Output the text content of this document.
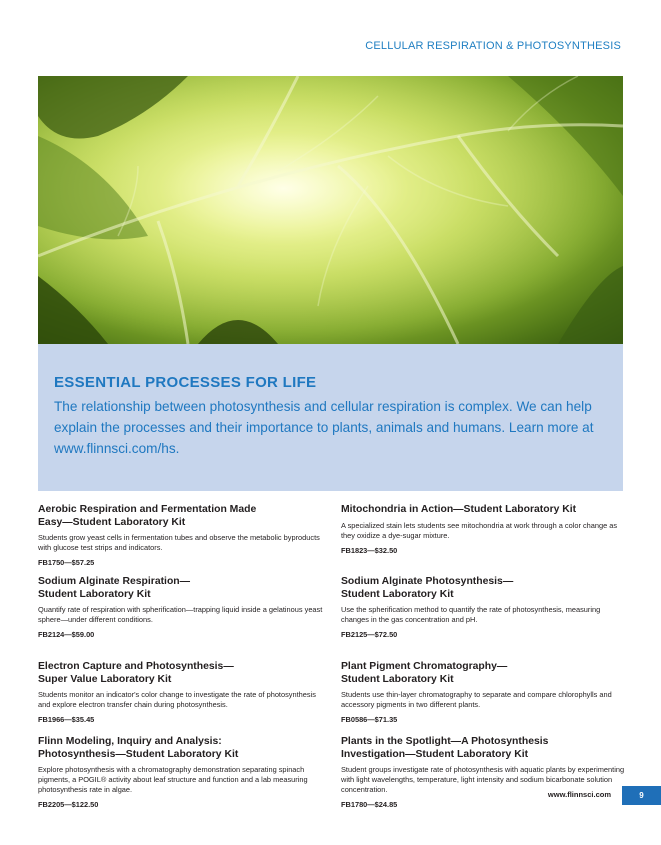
CELLULAR RESPIRATION & PHOTOSYNTHESIS
ESSENTIAL PROCESSES FOR LIFE
The relationship between photosynthesis and cellular respiration is complex. We can help explain the processes and their importance to plants, animals and humans. Learn more at www.flinnsci.com/hs.

Aerobic Respiration and Fermentation Made Easy—Student Laboratory Kit

Students grow yeast cells in fermentation tubes and observe the metabolic byproducts with glucose test strips and indicators.

FB1750—$57.25

Mitochondria in Action—Student Laboratory Kit

A specialized stain lets students see mitochondria at work through a color change as they oxidize a dye-sugar mixture.

FB1823—$32.50

Sodium Alginate Respiration— Student Laboratory Kit

Quantify rate of respiration with spherification—trapping liquid inside a gelatinous yeast sphere—under different conditions.

FB2124—$59.00

Sodium Alginate Photosynthesis— Student Laboratory Kit

Use the spherification method to quantify the rate of photosynthesis, measuring changes in the gas concentration and pH.

FB2125—$72.50

Electron Capture and Photosynthesis— Super Value Laboratory Kit

Students monitor an indicator's color change to investigate the rate of photosynthesis and explore electron transfer chain during photosynthesis.

FB1966—$35.45

Plant Pigment Chromatography— Student Laboratory Kit

Students use thin-layer chromatography to separate and compare chlorophylls and accessory pigments in two different plants.

FB0586—$71.35

Flinn Modeling, Inquiry and Analysis: Photosynthesis—Student Laboratory Kit

Explore photosynthesis with a chromatography demonstration separating spinach pigments, a POGIL® activity about leaf structure and function and a lab measuring photosynthesis rate in algae.

FB2205—$122.50

Plants in the Spotlight—A Photosynthesis Investigation—Student Laboratory Kit

Student groups investigate rate of photosynthesis with aquatic plants by experimenting with light wavelengths, temperature, light intensity and sodium bicarbonate solution concentration.

FB1780—$24.85

www.flinnsci.com	9
